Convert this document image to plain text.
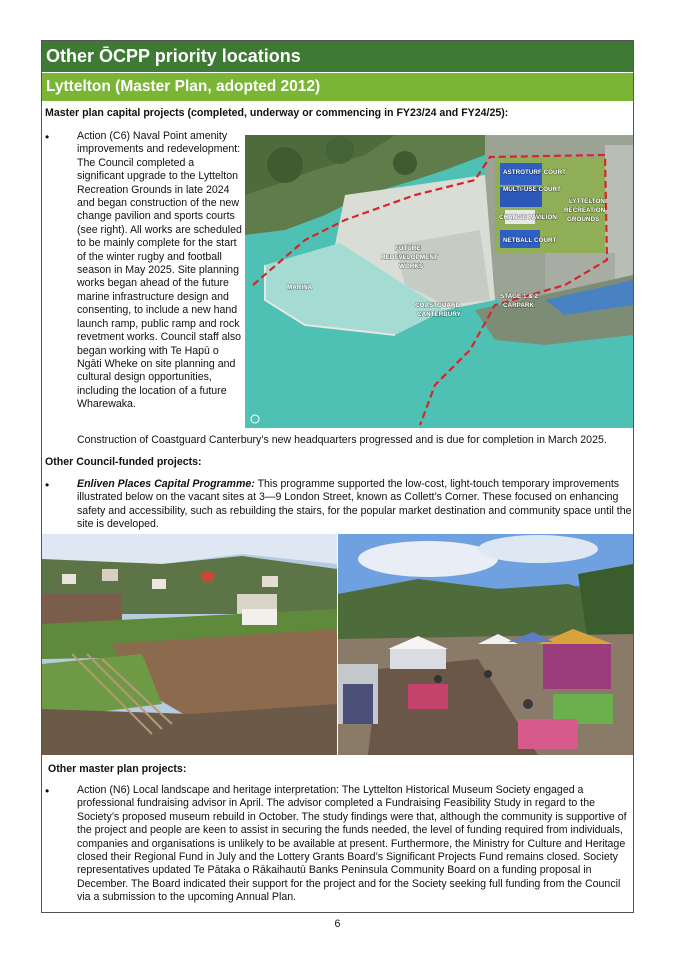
Other ŌCPP priority locations
Lyttelton (Master Plan, adopted 2012)
Master plan capital projects (completed, underway or commencing in FY23/24 and FY24/25):
•	Action (C6) Naval Point amenity improvements and redevelopment: The Council completed a significant upgrade to the Lyttelton Recreation Grounds in late 2024 and began construction of the new change pavilion and sports courts (see right). All works are scheduled to be mainly complete for the start of the winter rugby and football season in May 2025. Site planning works began ahead of the future marine infrastructure design and consenting, to include a new hand launch ramp, public ramp and rock revetment works. Council staff also began working with Te Hapū o Ngāti Wheke on site planning and cultural design opportunities, including the location of a future Wharewaka.
ASTROTURF COURT
MULTI-USE COURT
CHANGE PAVILION
LYTTELTON
RECREATION
GROUNDS
NETBALL COURT
FUTURE
REDEVELOPMENT
WORKS
MARINA
COASTGUARD
CANTERBURY
STAGE 1 & 2
CARPARK
Construction of Coastguard Canterbury’s new headquarters progressed and is due for completion in March 2025.
Other Council-funded projects:
•	Enliven Places Capital Programme: This programme supported the low-cost, light-touch temporary improvements illustrated below on the vacant sites at 3—9 London Street, known as Collett’s Corner. These focused on enhancing safety and accessibility, such as rebuilding the stairs, for the popular market destination and community space until the site is developed.
Other master plan projects:
•	Action (N6) Local landscape and heritage interpretation: The Lyttelton Historical Museum Society engaged a professional fundraising advisor in April. The advisor completed a Fundraising Feasibility Study in regard to the Society’s proposed museum rebuild in October. The study findings were that, although the community is supportive of the project and people are keen to assist in securing the funds needed, the level of funding required from individuals, companies and organisations is unlikely to be available at present. Furthermore, the Ministry for Culture and Heritage closed their Regional Fund in July and the Lottery Grants Board’s Significant Projects Fund remains closed. Society representatives updated Te Pātaka o Rākaihautū Banks Peninsula Community Board on a funding proposal in December. The Board indicated their support for the project and for the Society seeking full funding from the Council via a submission to the upcoming Annual Plan.
6
